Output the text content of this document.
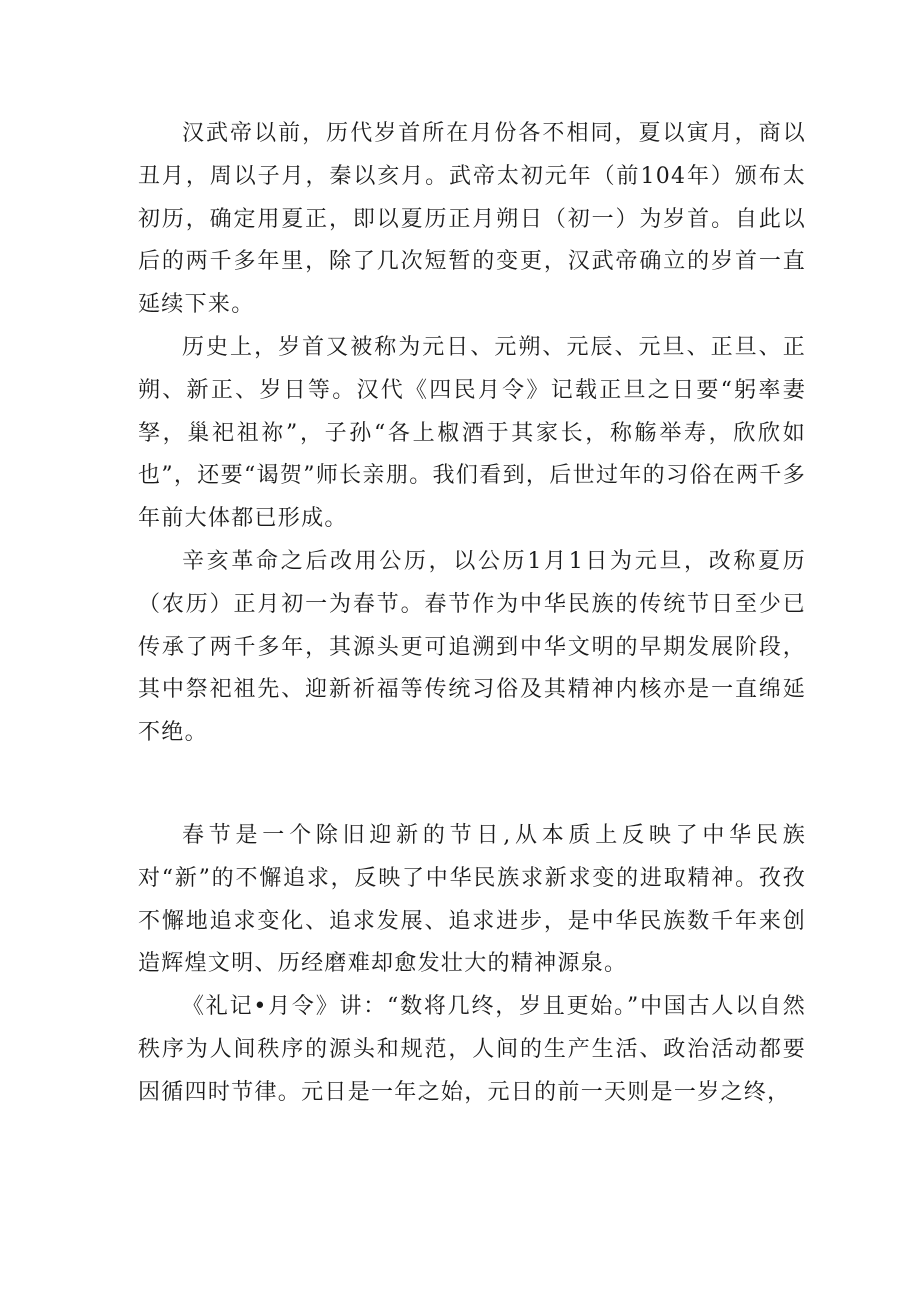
汉武帝以前，历代岁首所在月份各不相同，夏以寅月，商以丑月，周以子月，秦以亥月。武帝太初元年（前104年）颁布太初历，确定用夏正，即以夏历正月朔日（初一）为岁首。自此以后的两千多年里，除了几次短暂的变更，汉武帝确立的岁首一直延续下来。

历史上，岁首又被称为元日、元朔、元辰、元旦、正旦、正朔、新正、岁日等。汉代《四民月令》记载正旦之日要“躬率妻孥，巢祀祖祢”，子孙“各上椒酒于其家长，称觞举寿，欣欣如也”，还要“谒贺”师长亲朋。我们看到，后世过年的习俗在两千多年前大体都已形成。

辛亥革命之后改用公历，以公历1月1日为元旦，改称夏历（农历）正月初一为春节。春节作为中华民族的传统节日至少已传承了两千多年，其源头更可追溯到中华文明的早期发展阶段，其中祭祀祖先、迎新祈福等传统习俗及其精神内核亦是一直绵延不绝。

春节是一个除旧迎新的节日,从本质上反映了中华民族对“新”的不懈追求，反映了中华民族求新求变的进取精神。孜孜不懈地追求变化、追求发展、追求进步，是中华民族数千年来创造辉煌文明、历经磨难却愈发壮大的精神源泉。

《礼记•月令》讲：“数将几终，岁且更始。”中国古人以自然秩序为人间秩序的源头和规范，人间的生产生活、政治活动都要因循四时节律。元日是一年之始，元日的前一天则是一岁之终，
